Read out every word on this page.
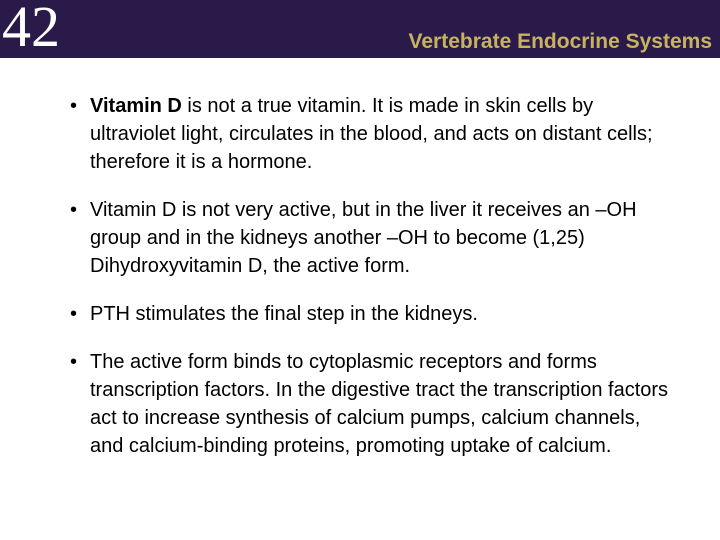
42	Vertebrate Endocrine Systems
• Vitamin D is not a true vitamin. It is made in skin cells by ultraviolet light, circulates in the blood, and acts on distant cells; therefore it is a hormone.
• Vitamin D is not very active, but in the liver it receives an –OH group and in the kidneys another –OH to become (1,25) Dihydroxyvitamin D, the active form.
• PTH stimulates the final step in the kidneys.
• The active form binds to cytoplasmic receptors and forms transcription factors. In the digestive tract the transcription factors act to increase synthesis of calcium pumps, calcium channels, and calcium-binding proteins, promoting uptake of calcium.
